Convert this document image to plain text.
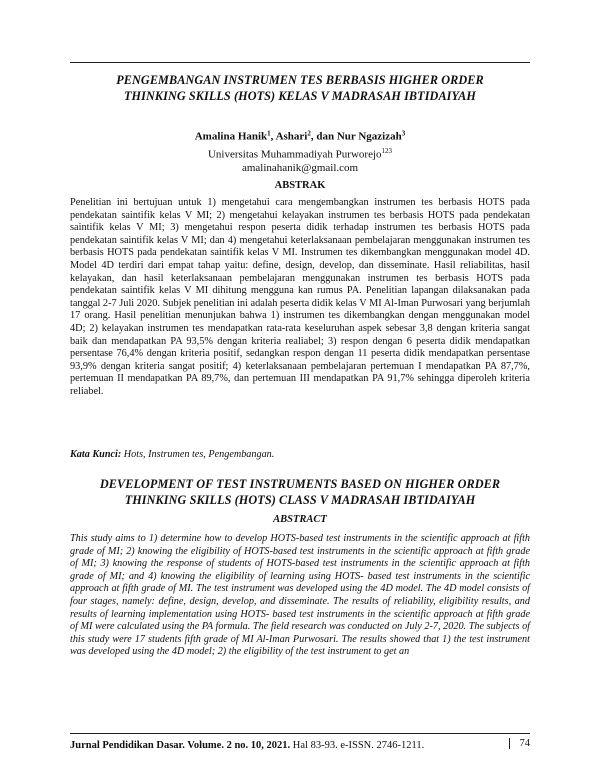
PENGEMBANGAN INSTRUMEN TES BERBASIS HIGHER ORDER
THINKING SKILLS (HOTS) KELAS V MADRASAH IBTIDAIYAH
Amalina Hanik$^1$, Ashari$^2$, dan Nur Ngazizah$^3$
Universitas Muhammadiyah Purworejo$^{123}$
amalinahanik@gmail.com
ABSTRAK

Penelitian ini bertujuan untuk 1) mengetahui cara mengembangkan instrumen tes berbasis HOTS pada pendekatan saintifik kelas V MI; 2) mengetahui kelayakan instrumen tes berbasis HOTS pada pendekatan saintifik kelas V MI; 3) mengetahui respon peserta didik terhadap instrumen tes berbasis HOTS pada pendekatan saintifik kelas V MI; dan 4) mengetahui keterlaksanaan pembelajaran menggunakan instrumen tes berbasis HOTS pada pendekatan saintifik kelas V MI. Instrumen tes dikembangkan menggunakan model 4D. Model 4D terdiri dari empat tahap yaitu: define, design, develop, dan disseminate. Hasil reliabilitas, hasil kelayakan, dan hasil keterlaksanaan pembelajaran menggunakan instrumen tes berbasis HOTS pada pendekatan saintifik kelas V MI dihitung mengguna kan rumus PA. Penelitian lapangan dilaksanakan pada tanggal 2-7 Juli 2020. Subjek penelitian ini adalah peserta didik kelas V MI Al-Iman Purwosari yang berjumlah 17 orang. Hasil penelitian menunjukan bahwa 1) instrumen tes dikembangkan dengan menggunakan model 4D; 2) kelayakan instrumen tes mendapatkan rata-rata keseluruhan aspek sebesar 3,8 dengan kriteria sangat baik dan mendapatkan PA 93,5% dengan kriteria realiabel; 3) respon dengan 6 peserta didik mendapatkan persentase 76,4% dengan kriteria positif, sedangkan respon dengan 11 peserta didik mendapatkan persentase 93,9% dengan kriteria sangat positif; 4) keterlaksanaan pembelajaran pertemuan I mendapatkan PA 87,7%, pertemuan II mendapatkan PA 89,7%, dan pertemuan III mendapatkan PA 91,7% sehingga diperoleh kriteria reliabel.

Kata Kunci: Hots, Instrumen tes, Pengembangan.

DEVELOPMENT OF TEST INSTRUMENTS BASED ON HIGHER ORDER
THINKING SKILLS (HOTS) CLASS V MADRASAH IBTIDAIYAH
ABSTRACT

This study aims to 1) determine how to develop HOTS-based test instruments in the scientific approach at fifth grade of MI; 2) knowing the eligibility of HOTS-based test instruments in the scientific approach at fifth grade of MI; 3) knowing the response of students of HOTS-based test instruments in the scientific approach at fifth grade of MI; and 4) knowing the eligibility of learning using HOTS- based test instruments in the scientific approach at fifth grade of MI. The test instrument was developed using the 4D model. The 4D model consists of four stages, namely: define, design, develop, and disseminate. The results of reliability, eligibility results, and results of learning implementation using HOTS- based test instruments in the scientific approach at fifth grade of MI were calculated using the PA formula. The field research was conducted on July 2-7, 2020. The subjects of this study were 17 students fifth grade of MI Al-Iman Purwosari. The results showed that 1) the test instrument was developed using the 4D model; 2) the eligibility of the test instrument to get an

Jurnal Pendidikan Dasar. Volume. 2 no. 10, 2021. Hal 83-93. e-ISSN. 2746-1211.	74
